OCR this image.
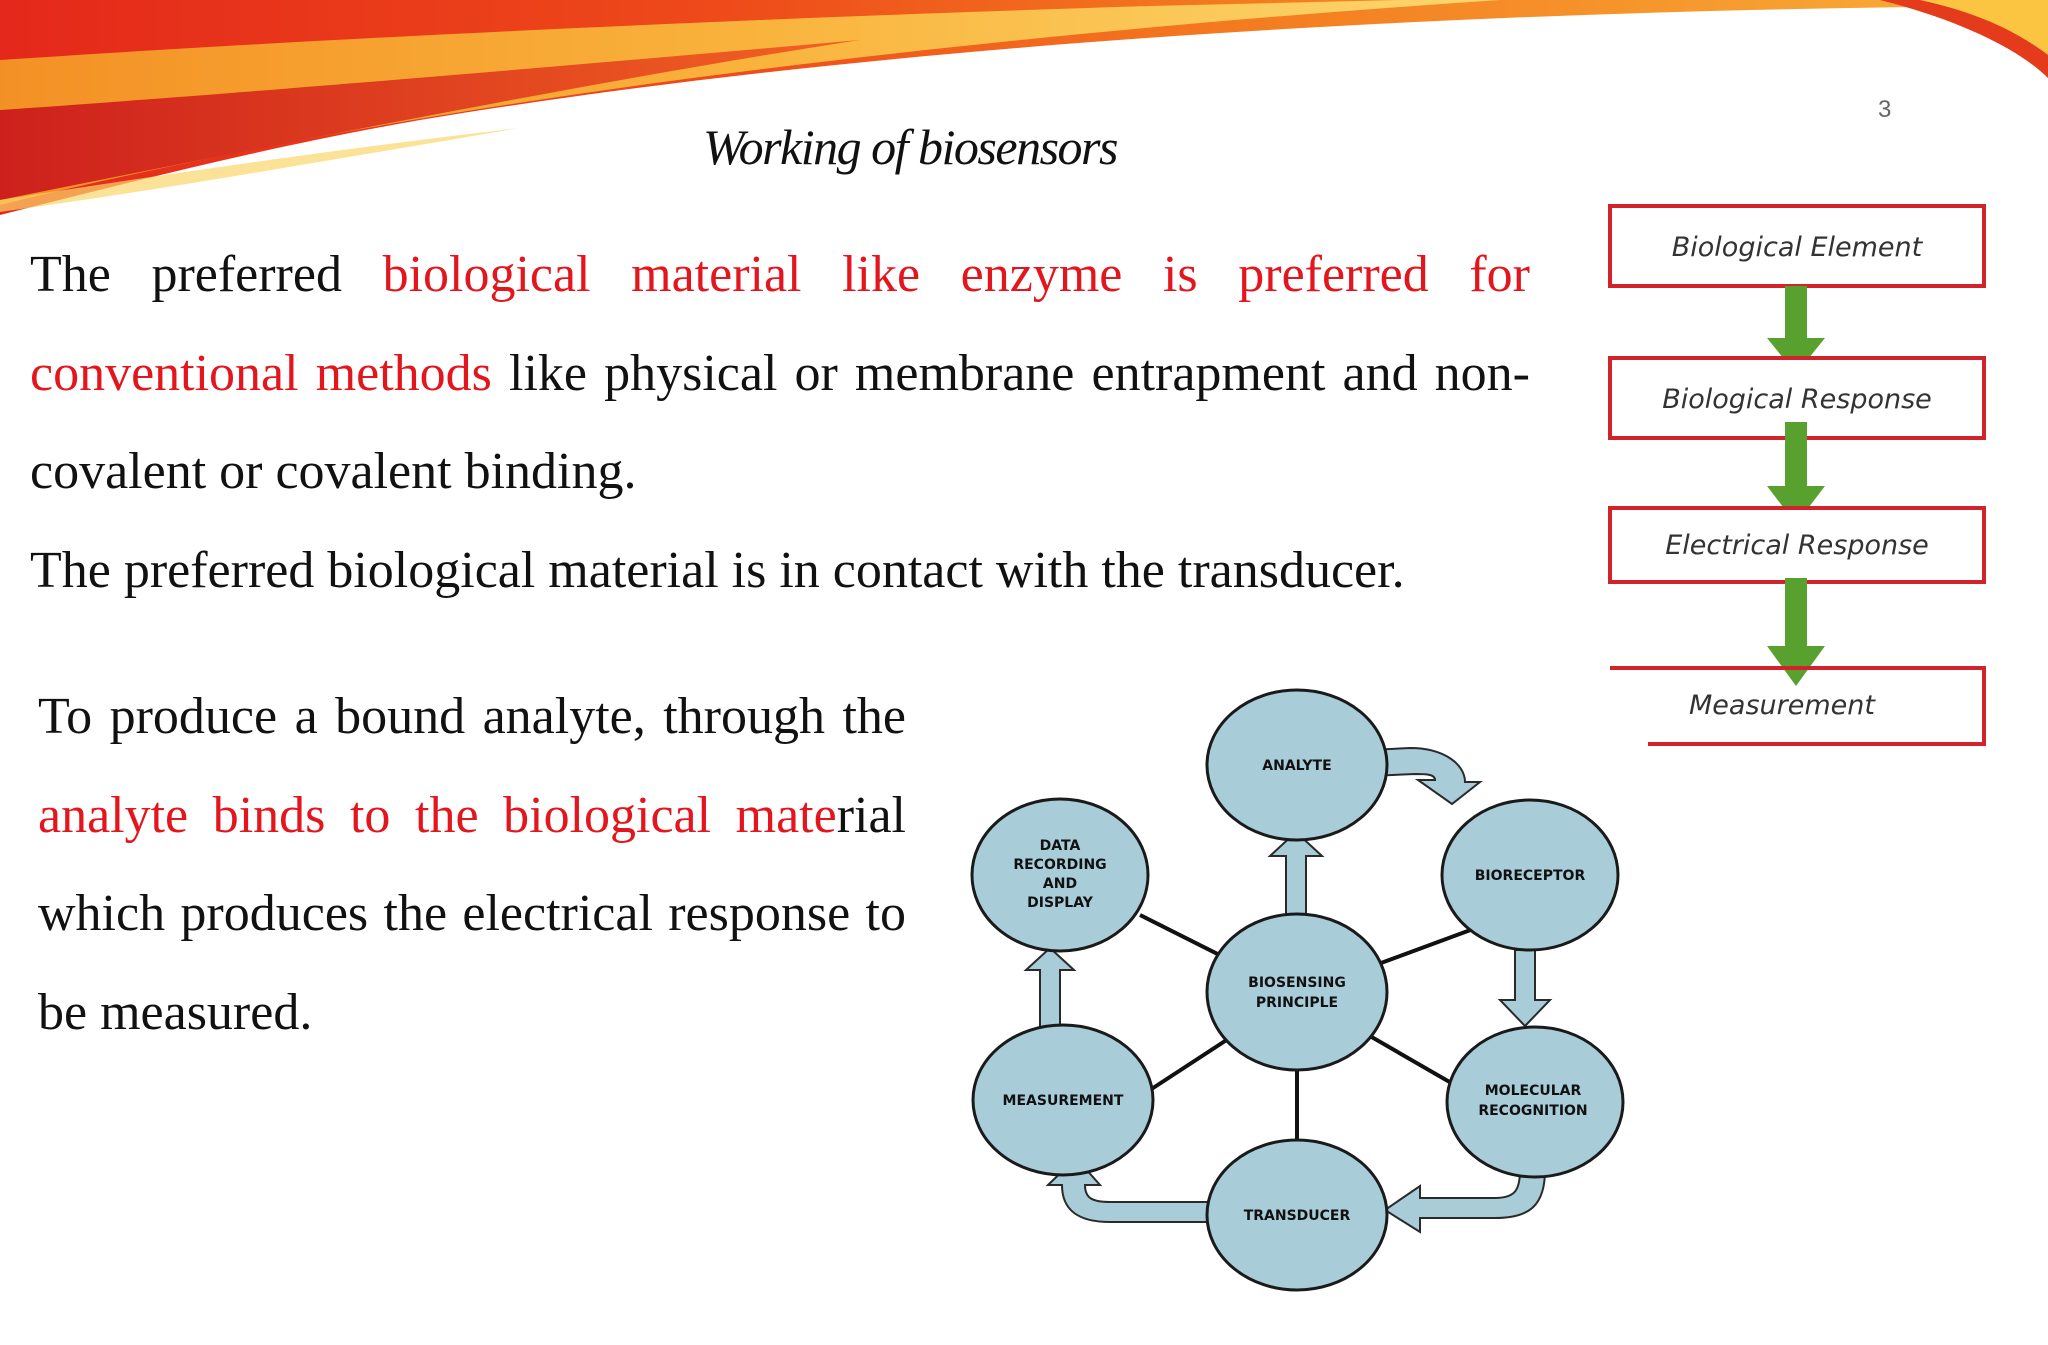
3
Working of biosensors

The preferred biological material like enzyme is preferred for conventional methods like physical or membrane entrapment and non- covalent or covalent binding.

The preferred biological material is in contact with the transducer.

To produce a bound analyte, through the analyte binds to the biological material which produces the electrical response to be measured.

Biological Element
Biological Response
Electrical Response
Measurement
ANALYTE
BIORECEPTOR
MOLECULAR
RECOGNITION
TRANSDUCER
MEASUREMENT
DATA
RECORDING
AND
DISPLAY
BIOSENSING
PRINCIPLE
